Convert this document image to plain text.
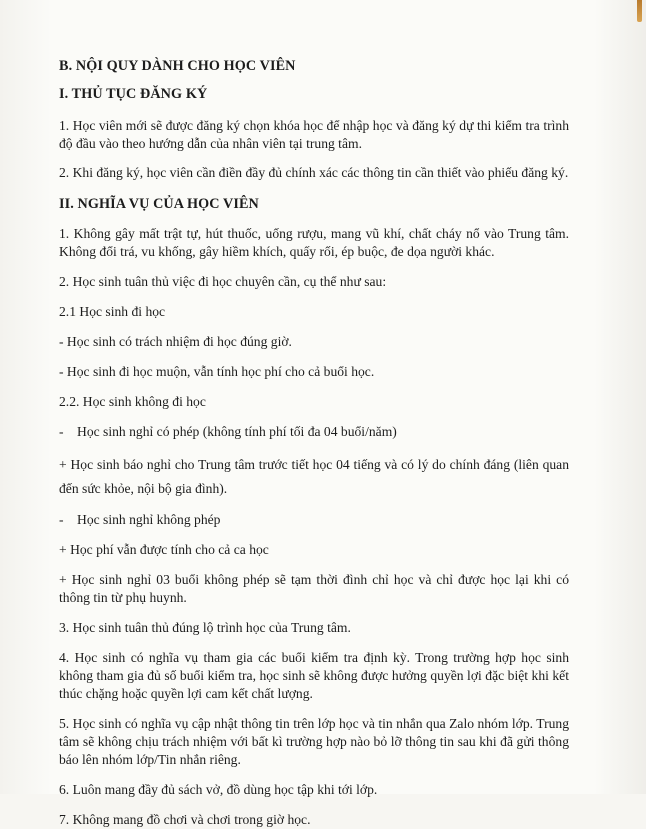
B. NỘI QUY DÀNH CHO HỌC VIÊN
I. THỦ TỤC ĐĂNG KÝ

1. Học viên mới sẽ được đăng ký chọn khóa học để nhập học và đăng ký dự thi kiểm tra trình độ đầu vào theo hướng dẫn của nhân viên tại trung tâm.

2. Khi đăng ký, học viên cần điền đầy đủ chính xác các thông tin cần thiết vào phiếu đăng ký.

II. NGHĨA VỤ CỦA HỌC VIÊN

1. Không gây mất trật tự, hút thuốc, uống rượu, mang vũ khí, chất cháy nổ vào Trung tâm. Không đổi trá, vu khống, gây hiềm khích, quấy rối, ép buộc, đe dọa người khác.

2. Học sinh tuân thủ việc đi học chuyên cần, cụ thể như sau:

2.1 Học sinh đi học

- Học sinh có trách nhiệm đi học đúng giờ.

- Học sinh đi học muộn, vẫn tính học phí cho cả buổi học.

2.2. Học sinh không đi học

- Học sinh nghỉ có phép (không tính phí tối đa 04 buổi/năm)

+ Học sinh báo nghỉ cho Trung tâm trước tiết học 04 tiếng và có lý do chính đáng (liên quan đến sức khỏe, nội bộ gia đình).

- Học sinh nghỉ không phép

+ Học phí vẫn được tính cho cả ca học

+ Học sinh nghỉ 03 buổi không phép sẽ tạm thời đình chỉ học và chỉ được học lại khi có thông tin từ phụ huynh.

3. Học sinh tuân thủ đúng lộ trình học của Trung tâm.

4. Học sinh có nghĩa vụ tham gia các buổi kiểm tra định kỳ. Trong trường hợp học sinh không tham gia đủ số buổi kiểm tra, học sinh sẽ không được hưởng quyền lợi đặc biệt khi kết thúc chặng hoặc quyền lợi cam kết chất lượng.

5. Học sinh có nghĩa vụ cập nhật thông tin trên lớp học và tin nhắn qua Zalo nhóm lớp. Trung tâm sẽ không chịu trách nhiệm với bất kì trường hợp nào bỏ lỡ thông tin sau khi đã gửi thông báo lên nhóm lớp/Tin nhắn riêng.

6. Luôn mang đầy đủ sách vở, đồ dùng học tập khi tới lớp.

7. Không mang đồ chơi và chơi trong giờ học.
